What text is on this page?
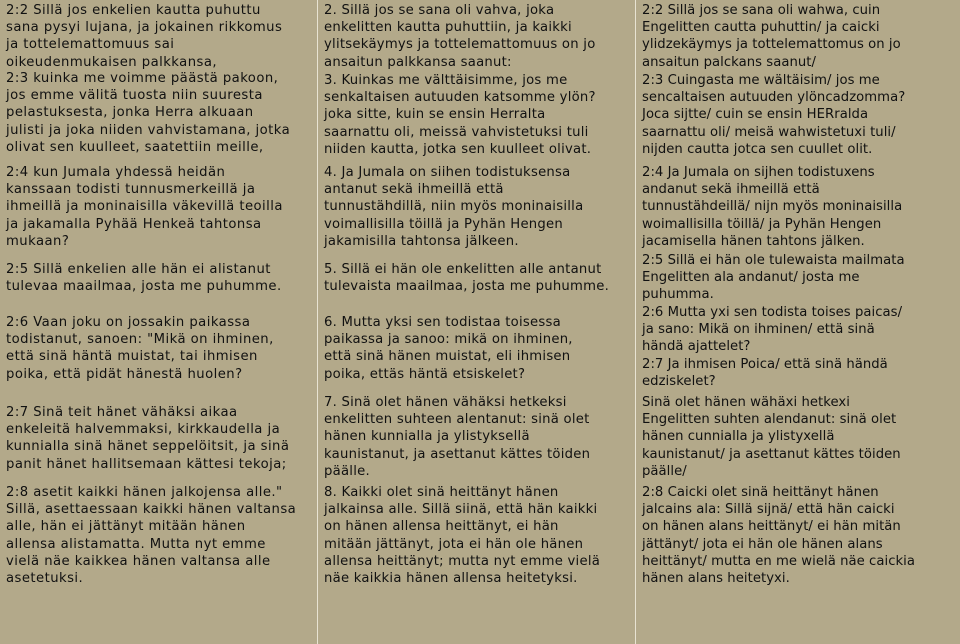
2:2 Sillä jos enkelien kautta puhuttu
sana pysyi lujana, ja jokainen rikkomus
ja tottelemattomuus sai
oikeudenmukaisen palkkansa,
2:3 kuinka me voimme päästä pakoon,
jos emme välitä tuosta niin suuresta
pelastuksesta, jonka Herra alkuaan
julisti ja joka niiden vahvistamana, jotka
olivat sen kuulleet, saatettiin meille,
2:4 kun Jumala yhdessä heidän
kanssaan todisti tunnusmerkeillä ja
ihmeillä ja moninaisilla väkevillä teoilla
ja jakamalla Pyhää Henkeä tahtonsa
mukaan?
2:5 Sillä enkelien alle hän ei alistanut
tulevaa maailmaa, josta me puhumme.
2:6 Vaan joku on jossakin paikassa
todistanut, sanoen: "Mikä on ihminen,
että sinä häntä muistat, tai ihmisen
poika, että pidät hänestä huolen?
2:7 Sinä teit hänet vähäksi aikaa
enkeleitä halvemmaksi, kirkkaudella ja
kunnialla sinä hänet seppelöitsit, ja sinä
panit hänet hallitsemaan kättesi tekoja;
2:8 asetit kaikki hänen jalkojensa alle."
Sillä, asettaessaan kaikki hänen valtansa
alle, hän ei jättänyt mitään hänen
allensa alistamatta. Mutta nyt emme
vielä näe kaikkea hänen valtansa alle
asetetuksi.
2. Sillä jos se sana oli vahva, joka
enkelitten kautta puhuttiin, ja kaikki
ylitsekäymys ja tottelemattomuus on jo
ansaitun palkkansa saanut:
3. Kuinkas me välttäisimme, jos me
senkaltaisen autuuden katsomme ylön?
joka sitte, kuin se ensin Herralta
saarnattu oli, meissä vahvistetuksi tuli
niiden kautta, jotka sen kuulleet olivat.
4. Ja Jumala on siihen todistuksensa
antanut sekä ihmeillä että
tunnustähdillä, niin myös moninaisilla
voimallisilla töillä ja Pyhän Hengen
jakamisilla tahtonsa jälkeen.
5. Sillä ei hän ole enkelitten alle antanut
tulevaista maailmaa, josta me puhumme.
6. Mutta yksi sen todistaa toisessa
paikassa ja sanoo: mikä on ihminen,
että sinä hänen muistat, eli ihmisen
poika, ettäs häntä etsiskelet?
7. Sinä olet hänen vähäksi hetkeksi
enkelitten suhteen alentanut: sinä olet
hänen kunnialla ja ylistyksellä
kaunistanut, ja asettanut kättes töiden
päälle.
8. Kaikki olet sinä heittänyt hänen
jalkainsa alle. Sillä siinä, että hän kaikki
on hänen allensa heittänyt, ei hän
mitään jättänyt, jota ei hän ole hänen
allensa heittänyt; mutta nyt emme vielä
näe kaikkia hänen allensa heitetyksi.
2:2 Sillä jos se sana oli wahwa, cuin
Engelitten cautta puhuttin/ ja caicki
ylidzekäymys ja tottelemattomus on jo
ansaitun palckans saanut/
2:3 Cuingasta me wältäisim/ jos me
sencaltaisen autuuden ylöncadzomma?
Joca sijtte/ cuin se ensin HERralda
saarnattu oli/ meisä wahwistetuxi tuli/
nijden cautta jotca sen cuullet olit.
2:4 Ja Jumala on sijhen todistuxens
andanut sekä ihmeillä että
tunnustähdeillä/ nijn myös moninaisilla
woimallisilla töillä/ ja Pyhän Hengen
jacamisella hänen tahtons jälken.
2:5 Sillä ei hän ole tulewaista mailmata
Engelitten ala andanut/ josta me
puhumma.
2:6 Mutta yxi sen todista toises paicas/
ja sano: Mikä on ihminen/ että sinä
händä ajattelet?
2:7 Ja ihmisen Poica/ että sinä händä
edziskelet?
Sinä olet hänen wähäxi hetkexi
Engelitten suhten alendanut: sinä olet
hänen cunnialla ja ylistyxellä
kaunistanut/ ja asettanut kättes töiden
päälle/
2:8 Caicki olet sinä heittänyt hänen
jalcains ala: Sillä sijnä/ että hän caicki
on hänen alans heittänyt/ ei hän mitän
jättänyt/ jota ei hän ole hänen alans
heittänyt/ mutta en me wielä näe caickia
hänen alans heitetyxi.
